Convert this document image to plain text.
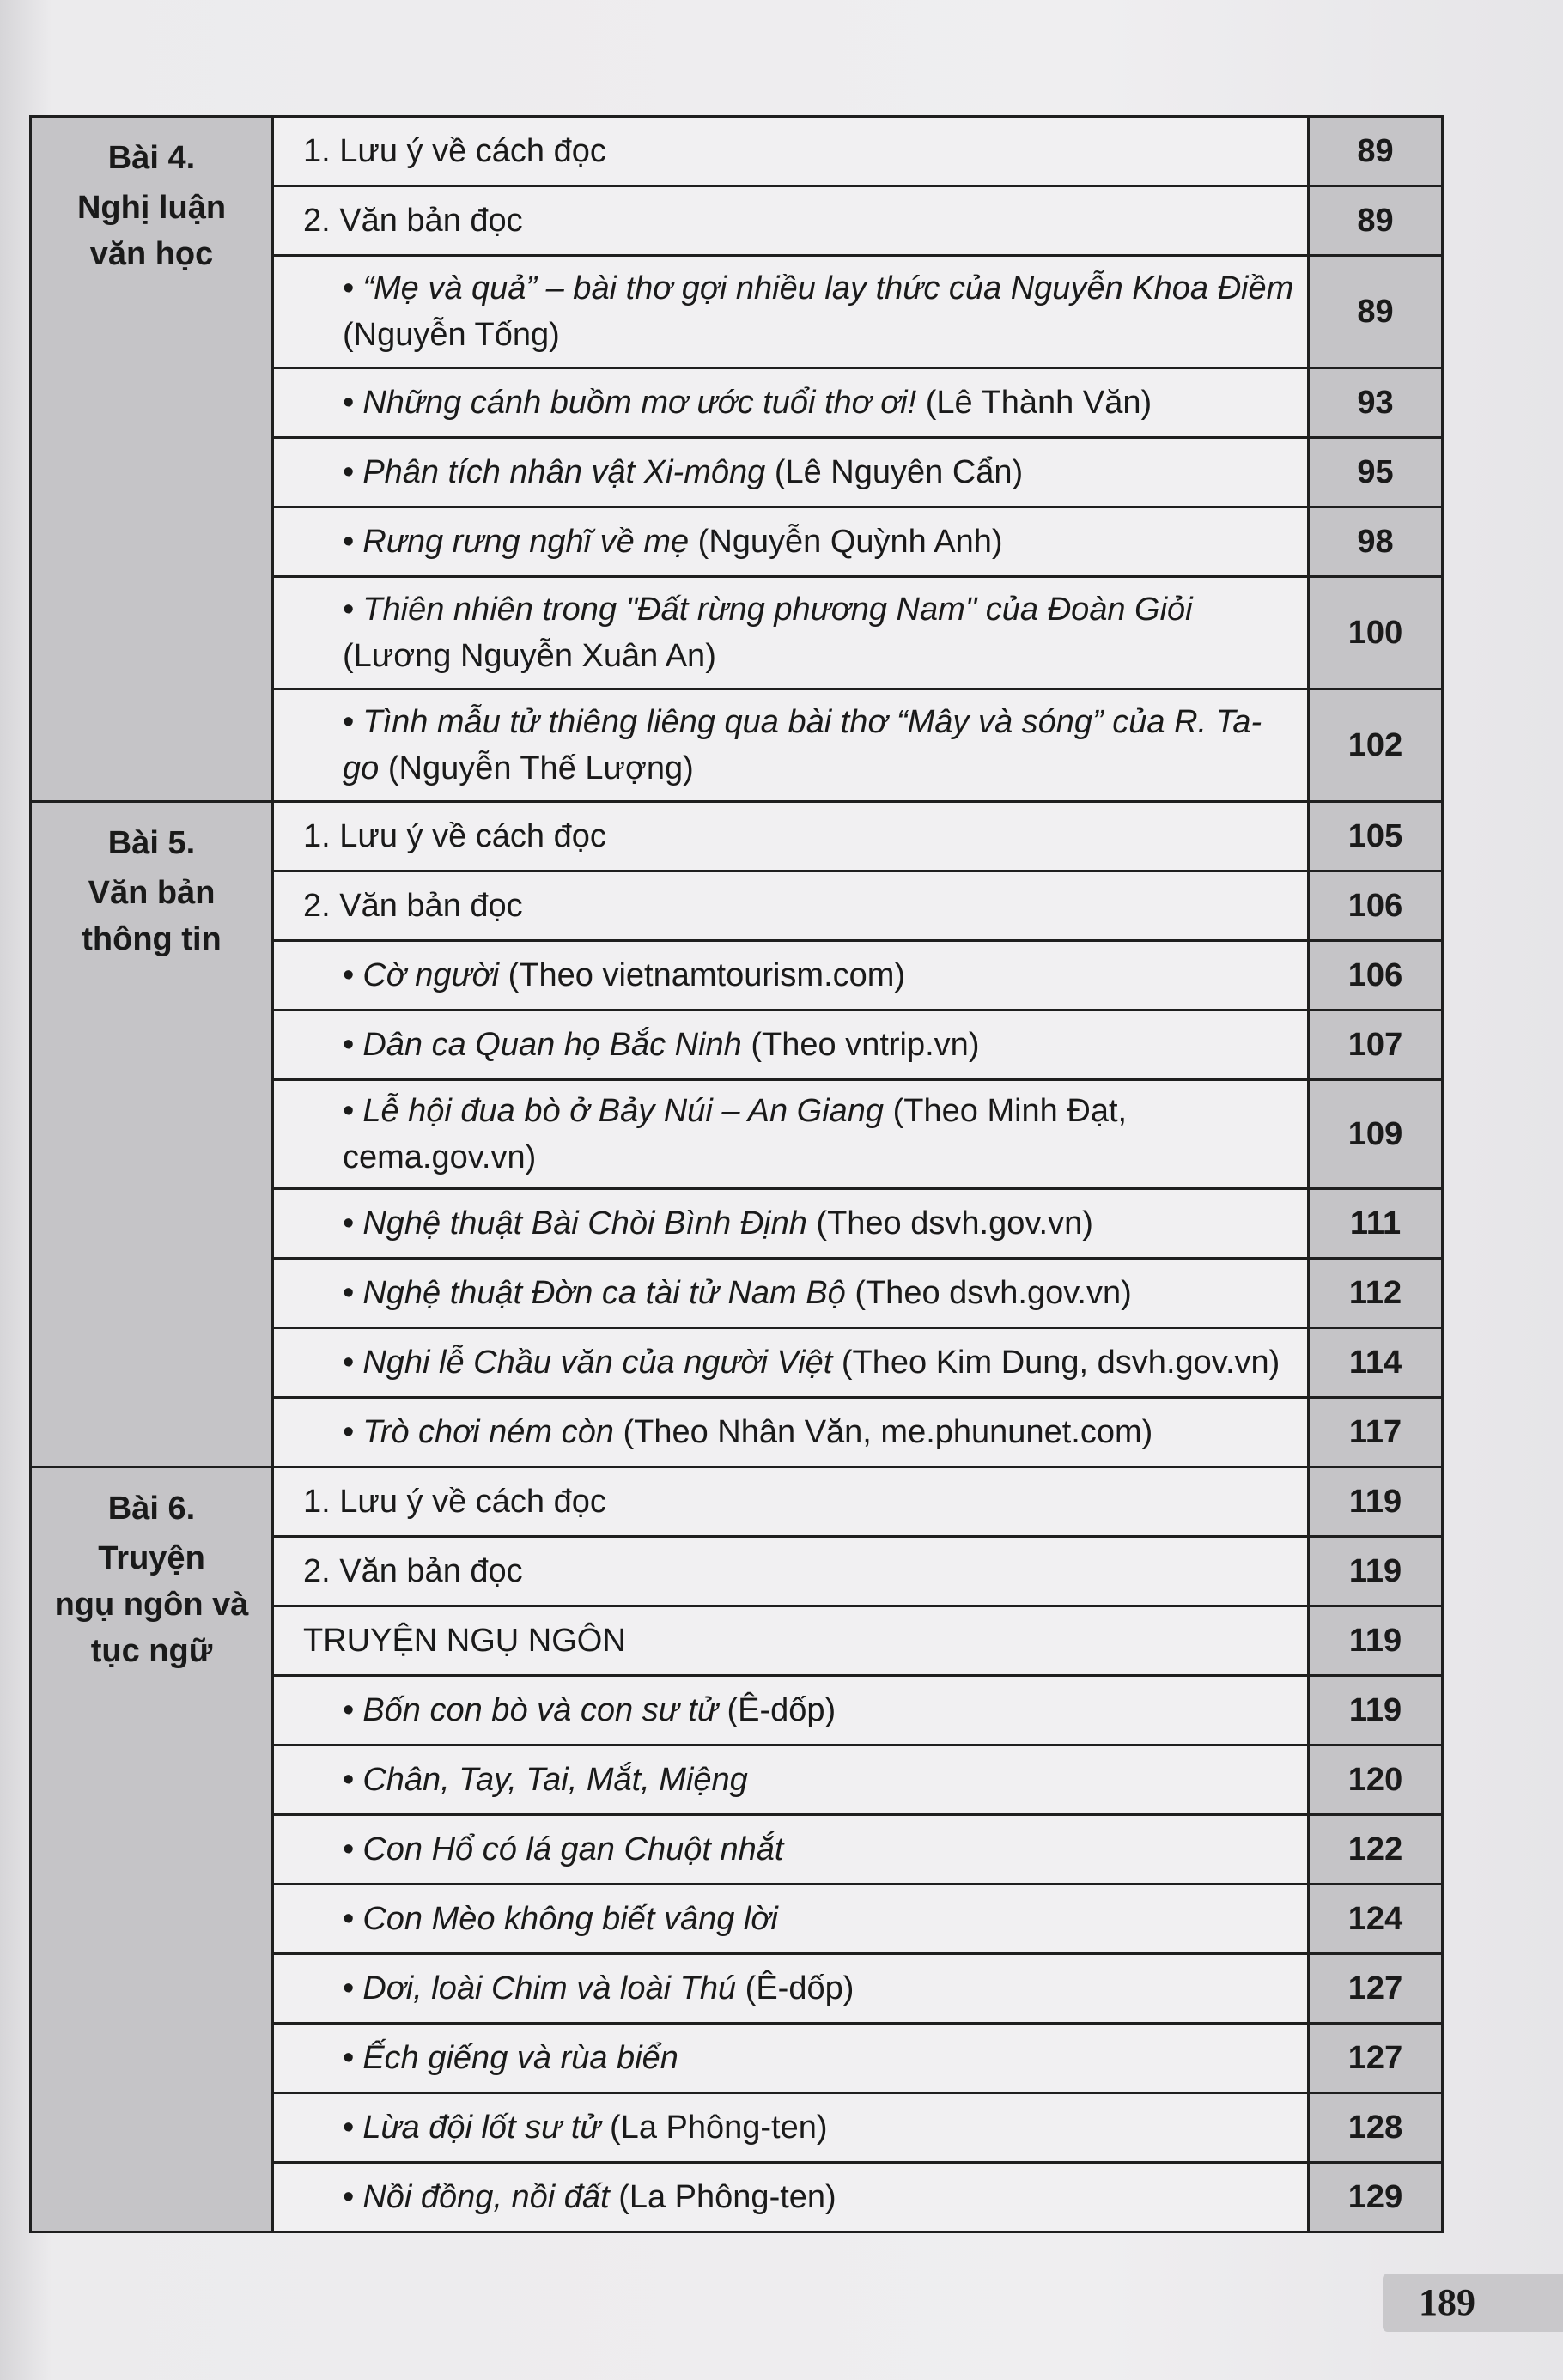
Bài 4.
Nghị luận
văn học	1. Lưu ý về cách đọc	89
	2. Văn bản đọc	89
	• “Mẹ và quả” – bài thơ gợi nhiều lay thức của Nguyễn Khoa Điềm (Nguyễn Tống)	89
	• Những cánh buồm mơ ước tuổi thơ ơi! (Lê Thành Văn)	93
	• Phân tích nhân vật Xi-mông (Lê Nguyên Cẩn)	95
	• Rưng rưng nghĩ về mẹ (Nguyễn Quỳnh Anh)	98
	• Thiên nhiên trong "Đất rừng phương Nam" của Đoàn Giỏi (Lương Nguyễn Xuân An)	100
	• Tình mẫu tử thiêng liêng qua bài thơ “Mây và sóng” của R. Ta-go (Nguyễn Thế Lượng)	102

Bài 5.
Văn bản
thông tin	1. Lưu ý về cách đọc	105
	2. Văn bản đọc	106
	• Cờ người (Theo vietnamtourism.com)	106
	• Dân ca Quan họ Bắc Ninh (Theo vntrip.vn)	107
	• Lễ hội đua bò ở Bảy Núi – An Giang (Theo Minh Đạt, cema.gov.vn)	109
	• Nghệ thuật Bài Chòi Bình Định (Theo dsvh.gov.vn)	111
	• Nghệ thuật Đờn ca tài tử Nam Bộ (Theo dsvh.gov.vn)	112
	• Nghi lễ Chầu văn của người Việt (Theo Kim Dung, dsvh.gov.vn)	114
	• Trò chơi ném còn (Theo Nhân Văn, me.phununet.com)	117

Bài 6.
Truyện
ngụ ngôn và
tục ngữ	1. Lưu ý về cách đọc	119
	2. Văn bản đọc	119
	TRUYỆN NGỤ NGÔN	119
	• Bốn con bò và con sư tử (Ê-dốp)	119
	• Chân, Tay, Tai, Mắt, Miệng	120
	• Con Hổ có lá gan Chuột nhắt	122
	• Con Mèo không biết vâng lời	124
	• Dơi, loài Chim và loài Thú (Ê-dốp)	127
	• Ếch giếng và rùa biển	127
	• Lừa đội lốt sư tử (La Phông-ten)	128
	• Nồi đồng, nồi đất (La Phông-ten)	129
189
